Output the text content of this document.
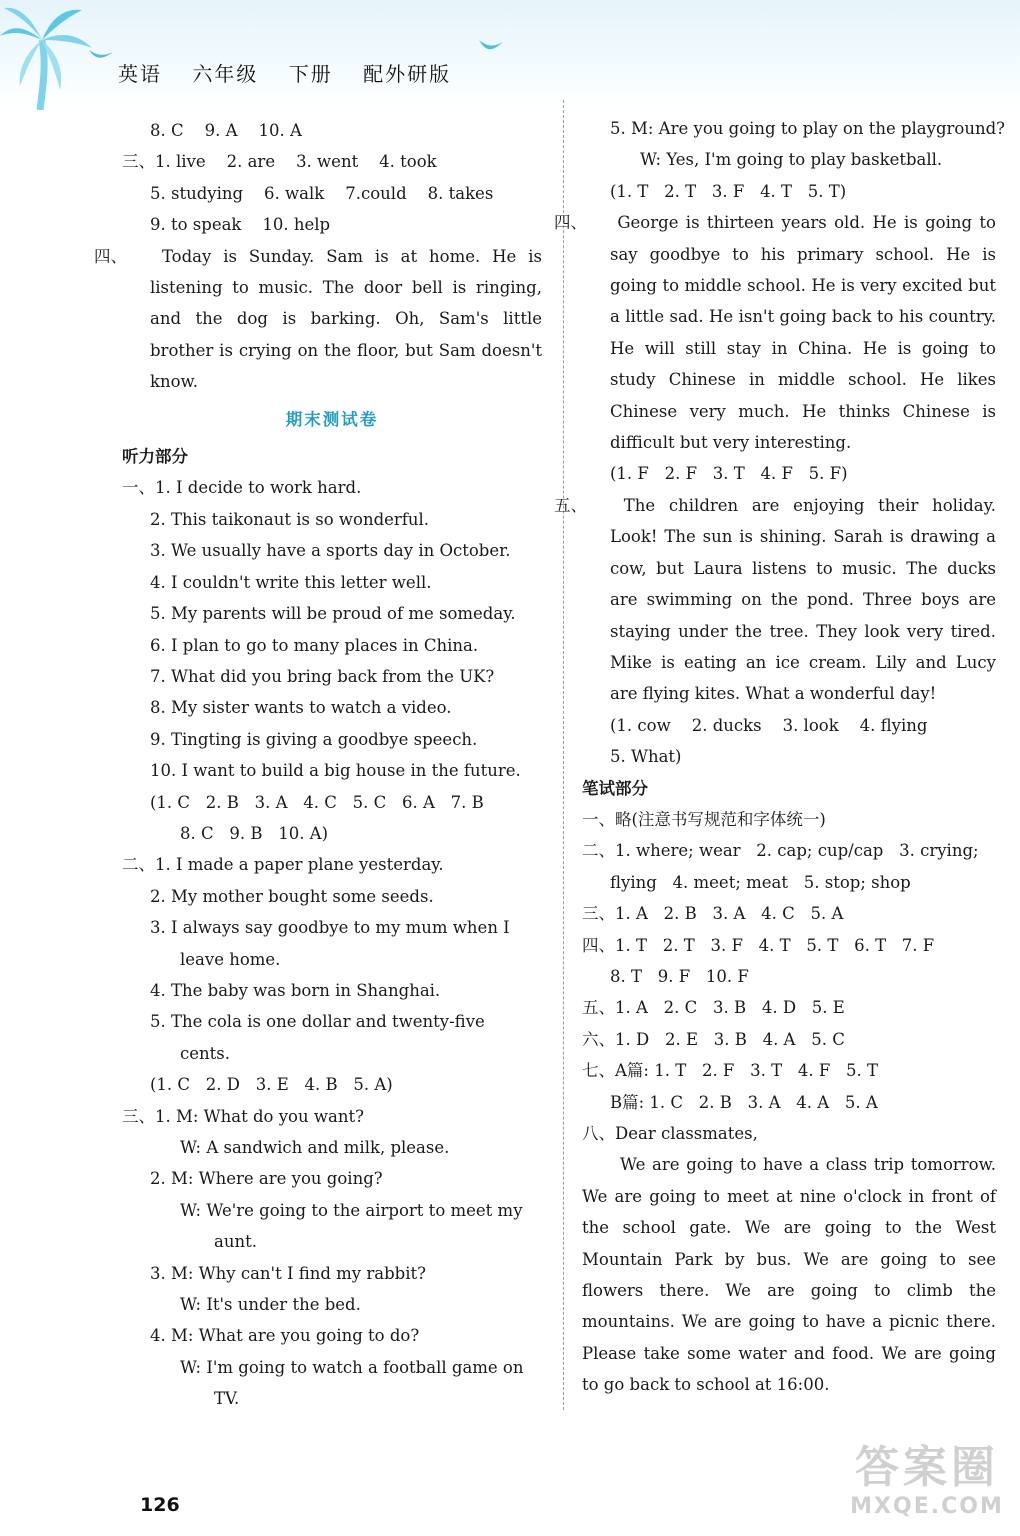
英语 六年级 下册 配外研版
8. C    9. A    10. A
三、1. live    2. are    3. went    4. took
5. studying    6. walk    7.could    8. takes
9. to speak    10. help
四、 Today is Sunday. Sam is at home. He is listening to music. The door bell is ringing, and the dog is barking. Oh, Sam's little brother is crying on the floor, but Sam doesn't know.
期末测试卷
听力部分
一、1. I decide to work hard.
2. This taikonaut is so wonderful.
3. We usually have a sports day in October.
4. I couldn't write this letter well.
5. My parents will be proud of me someday.
6. I plan to go to many places in China.
7. What did you bring back from the UK?
8. My sister wants to watch a video.
9. Tingting is giving a goodbye speech.
10. I want to build a big house in the future.
(1. C   2. B   3. A   4. C   5. C   6. A   7. B
8. C   9. B   10. A)
二、1. I made a paper plane yesterday.
2. My mother bought some seeds.
3. I always say goodbye to my mum when I
leave home.
4. The baby was born in Shanghai.
5. The cola is one dollar and twenty-five
cents.
(1. C   2. D   3. E   4. B   5. A)
三、1. M: What do you want?
W: A sandwich and milk, please.
2. M: Where are you going?
W: We're going to the airport to meet my
aunt.
3. M: Why can't I find my rabbit?
W: It's under the bed.
4. M: What are you going to do?
W: I'm going to watch a football game on
TV.
5. M: Are you going to play on the playground?
W: Yes, I'm going to play basketball.
(1. T   2. T   3. F   4. T   5. T)
四、 George is thirteen years old. He is going to say goodbye to his primary school. He is going to middle school. He is very excited but a little sad. He isn't going back to his country. He will still stay in China. He is going to study Chinese in middle school. He likes Chinese very much. He thinks Chinese is difficult but very interesting.
(1. F   2. F   3. T   4. F   5. F)
五、 The children are enjoying their holiday. Look! The sun is shining. Sarah is drawing a cow, but Laura listens to music. The ducks are swimming on the pond. Three boys are staying under the tree. They look very tired. Mike is eating an ice cream. Lily and Lucy are flying kites. What a wonderful day!
(1. cow    2. ducks    3. look    4. flying
5. What)
笔试部分
一、略(注意书写规范和字体统一)
二、1. where; wear   2. cap; cup/cap   3. crying;
flying   4. meet; meat   5. stop; shop
三、1. A   2. B   3. A   4. C   5. A
四、1. T   2. T   3. F   4. T   5. T   6. T   7. F
8. T   9. F   10. F
五、1. A   2. C   3. B   4. D   5. E
六、1. D   2. E   3. B   4. A   5. C
七、A篇: 1. T   2. F   3. T   4. F   5. T
B篇: 1. C   2. B   3. A   4. A   5. A
八、Dear classmates,
We are going to have a class trip tomorrow. We are going to meet at nine o'clock in front of the school gate. We are going to the West Mountain Park by bus. We are going to see flowers there. We are going to climb the mountains. We are going to have a picnic there. Please take some water and food. We are going to go back to school at 16:00.
126
答案圈
MXQE.COM
